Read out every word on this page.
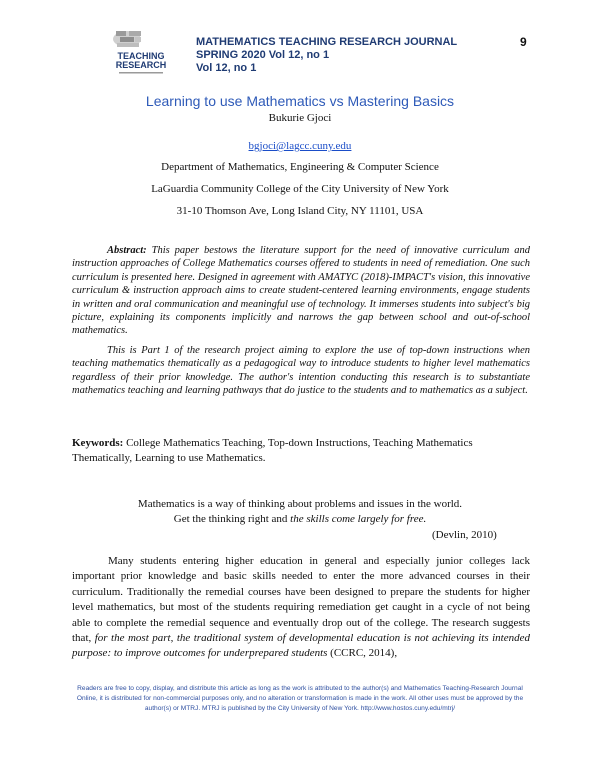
TEACHING
RESEARCH
MATHEMATICS TEACHING RESEARCH JOURNAL
SPRING 2020 Vol 12, no 1
Vol 12, no 1
9
Learning to use Mathematics vs Mastering Basics
Bukurie Gjoci
bgjoci@lagcc.cuny.edu
Department of Mathematics, Engineering & Computer Science
LaGuardia Community College of the City University of New York
31-10 Thomson Ave, Long Island City, NY 11101, USA

Abstract: This paper bestows the literature support for the need of innovative curriculum and instruction approaches of College Mathematics courses offered to students in need of remediation. One such curriculum is presented here. Designed in agreement with AMATYC (2018)-IMPACT's vision, this innovative curriculum & instruction approach aims to create student-centered learning environments, engage students in written and oral communication and meaningful use of technology. It immerses students into subject's big picture, explaining its components implicitly and narrows the gap between school and out-of-school mathematics.

This is Part 1 of the research project aiming to explore the use of top-down instructions when teaching mathematics thematically as a pedagogical way to introduce students to higher level mathematics regardless of their prior knowledge. The author's intention conducting this research is to substantiate mathematics teaching and learning pathways that do justice to the students and to mathematics as a subject.

Keywords: College Mathematics Teaching, Top-down Instructions, Teaching Mathematics Thematically, Learning to use Mathematics.
Mathematics is a way of thinking about problems and issues in the world.
Get the thinking right and the skills come largely for free.
(Devlin, 2010)
Many students entering higher education in general and especially junior colleges lack important prior knowledge and basic skills needed to enter the more advanced courses in their curriculum. Traditionally the remedial courses have been designed to prepare the students for higher level mathematics, but most of the students requiring remediation get caught in a cycle of not being able to complete the remedial sequence and eventually drop out of the college. The research suggests that, for the most part, the traditional system of developmental education is not achieving its intended purpose: to improve outcomes for underprepared students (CCRC, 2014),
Readers are free to copy, display, and distribute this article as long as the work is attributed to the author(s) and Mathematics Teaching-Research Journal Online, it is distributed for non-commercial purposes only, and no alteration or transformation is made in the work. All other uses must be approved by the author(s) or MTRJ. MTRJ is published by the City University of New York. http://www.hostos.cuny.edu/mtrj/
